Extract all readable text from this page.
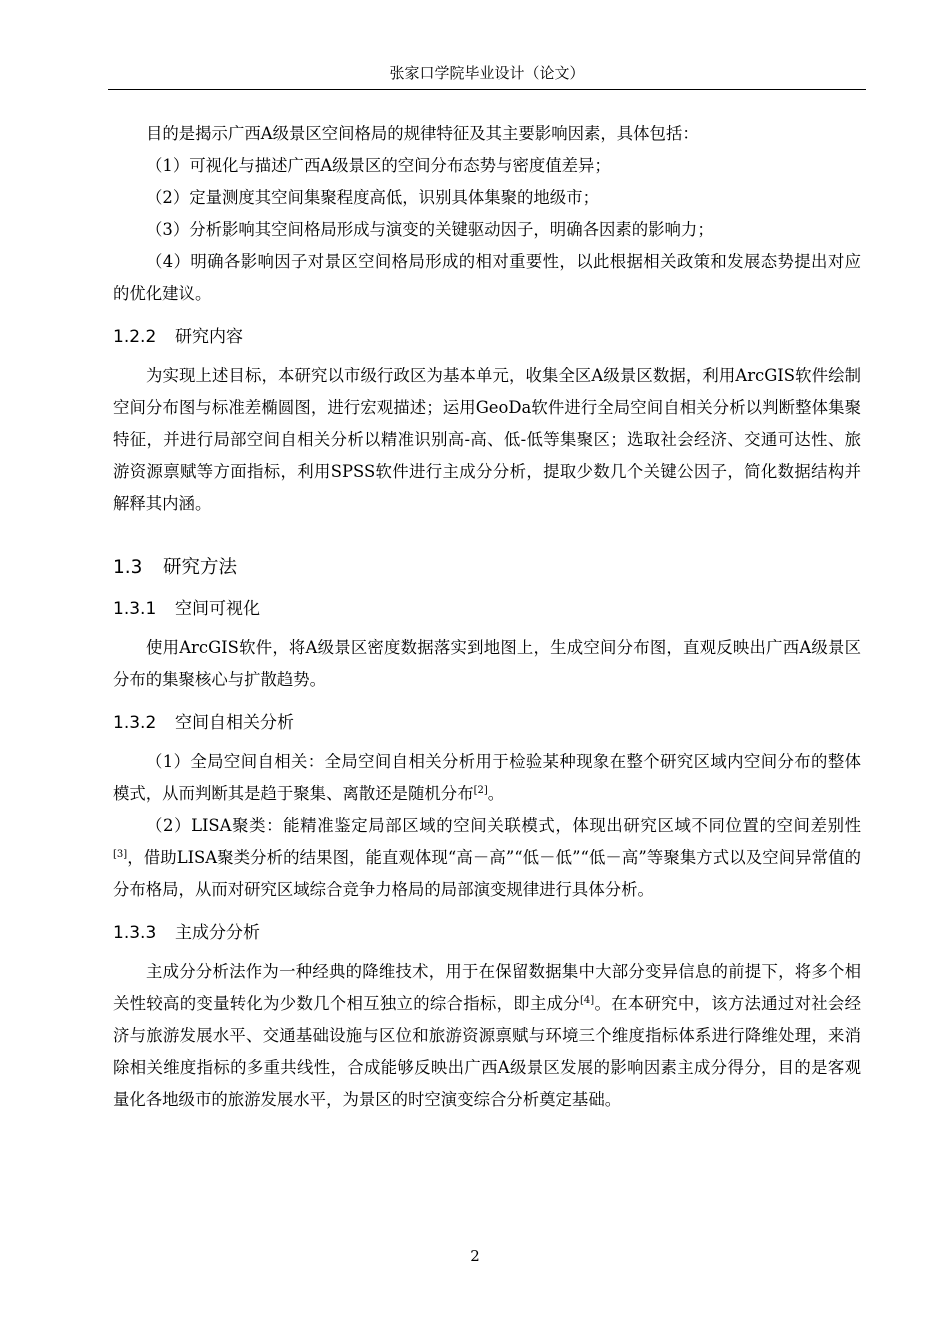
张家口学院毕业设计（论文）

目的是揭示广西A级景区空间格局的规律特征及其主要影响因素，具体包括：

（1）可视化与描述广西A级景区的空间分布态势与密度值差异；

（2）定量测度其空间集聚程度高低，识别具体集聚的地级市；

（3）分析影响其空间格局形成与演变的关键驱动因子，明确各因素的影响力；

（4）明确各影响因子对景区空间格局形成的相对重要性，以此根据相关政策和发展态势提出对应的优化建议。

1.2.2 研究内容

为实现上述目标，本研究以市级行政区为基本单元，收集全区A级景区数据，利用ArcGIS软件绘制空间分布图与标准差椭圆图，进行宏观描述；运用GeoDa软件进行全局空间自相关分析以判断整体集聚特征，并进行局部空间自相关分析以精准识别高-高、低-低等集聚区；选取社会经济、交通可达性、旅游资源禀赋等方面指标，利用SPSS软件进行主成分分析，提取少数几个关键公因子，简化数据结构并解释其内涵。

1.3 研究方法
1.3.1 空间可视化

使用ArcGIS软件，将A级景区密度数据落实到地图上，生成空间分布图，直观反映出广西A级景区分布的集聚核心与扩散趋势。

1.3.2 空间自相关分析

（1）全局空间自相关：全局空间自相关分析用于检验某种现象在整个研究区域内空间分布的整体模式，从而判断其是趋于聚集、离散还是随机分布[2]。

（2）LISA聚类：能精准鉴定局部区域的空间关联模式，体现出研究区域不同位置的空间差别性[3]，借助LISA聚类分析的结果图，能直观体现“高－高”“低－低”“低－高”等聚集方式以及空间异常值的分布格局，从而对研究区域综合竞争力格局的局部演变规律进行具体分析。

1.3.3 主成分分析

主成分分析法作为一种经典的降维技术，用于在保留数据集中大部分变异信息的前提下，将多个相关性较高的变量转化为少数几个相互独立的综合指标，即主成分[4]。在本研究中，该方法通过对社会经济与旅游发展水平、交通基础设施与区位和旅游资源禀赋与环境三个维度指标体系进行降维处理，来消除相关维度指标的多重共线性，合成能够反映出广西A级景区发展的影响因素主成分得分，目的是客观量化各地级市的旅游发展水平，为景区的时空演变综合分析奠定基础。

2
